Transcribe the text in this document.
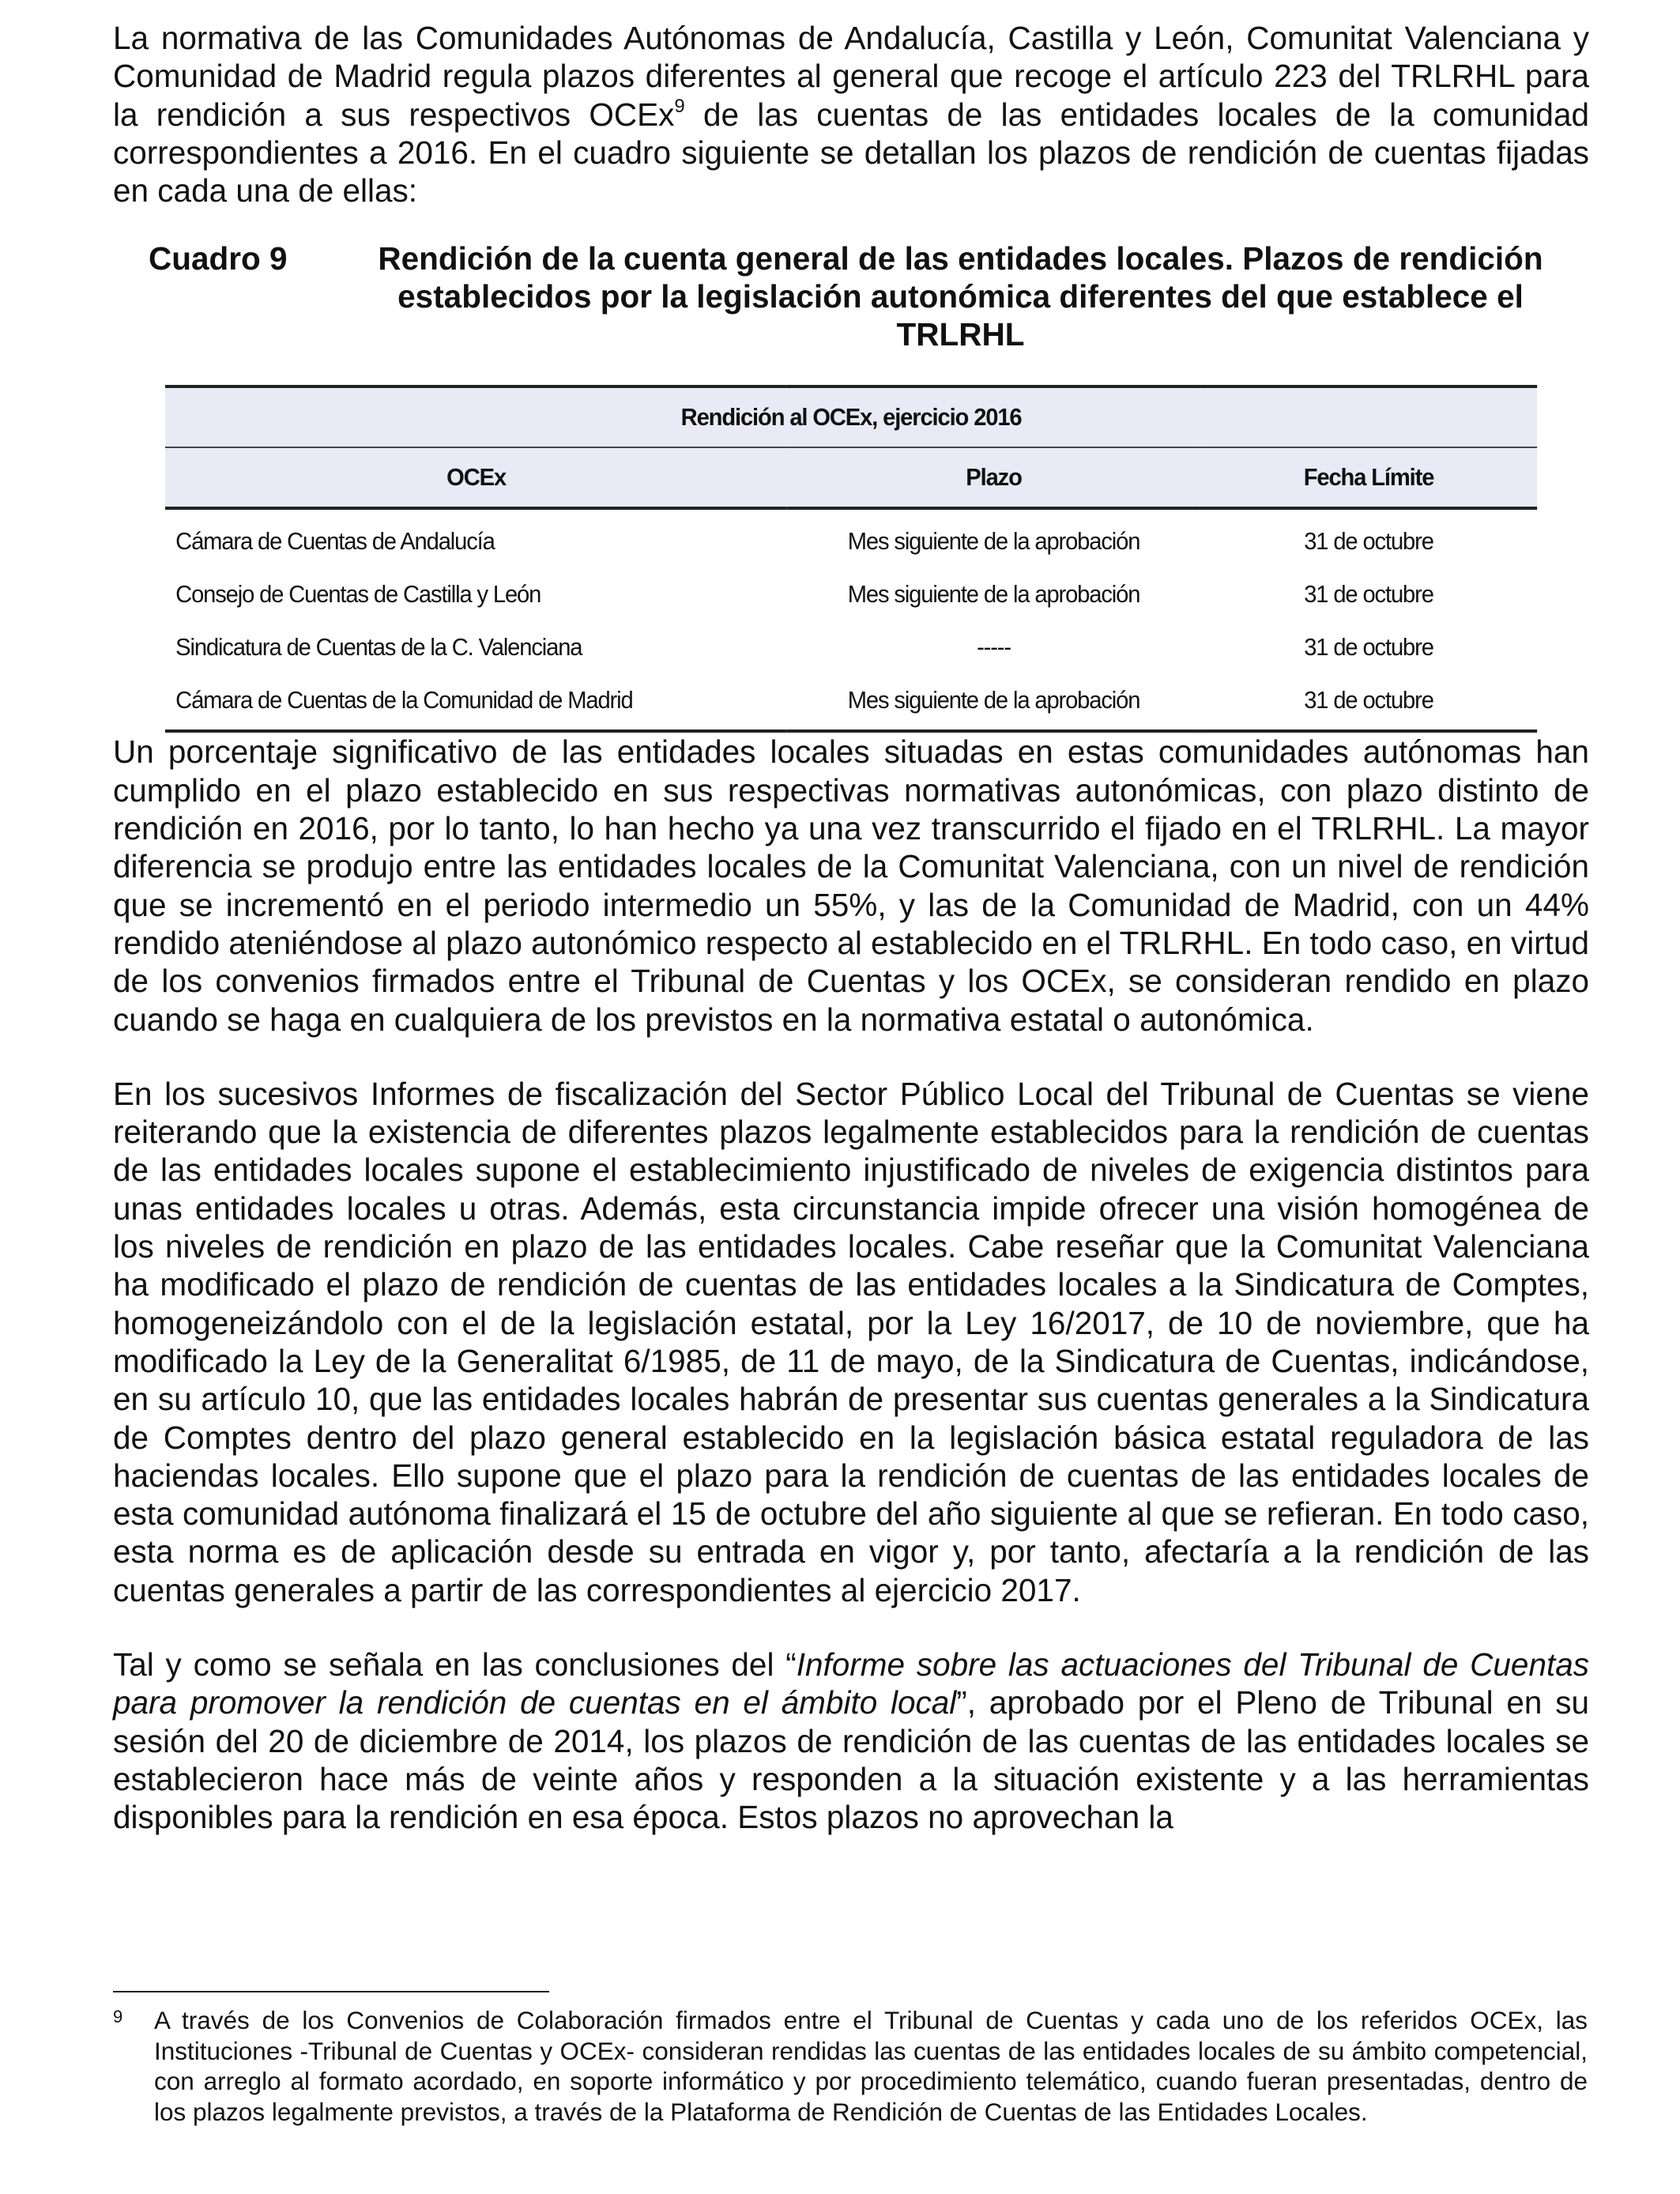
La normativa de las Comunidades Autónomas de Andalucía, Castilla y León, Comunitat Valenciana y Comunidad de Madrid regula plazos diferentes al general que recoge el artículo 223 del TRLRHL para la rendición a sus respectivos OCEx$^9$ de las cuentas de las entidades locales de la comunidad correspondientes a 2016. En el cuadro siguiente se detallan los plazos de rendición de cuentas fijadas en cada una de ellas:

Cuadro 9	Rendición de la cuenta general de las entidades locales. Plazos de rendición establecidos por la legislación autonómica diferentes del que establece el TRLRHL
Rendición al OCEx, ejercicio 2016		
OCEx	Plazo	Fecha Límite
Cámara de Cuentas de Andalucía	Mes siguiente de la aprobación	31 de octubre
Consejo de Cuentas de Castilla y León	Mes siguiente de la aprobación	31 de octubre
Sindicatura de Cuentas de la C. Valenciana	-----	31 de octubre
Cámara de Cuentas de la Comunidad de Madrid	Mes siguiente de la aprobación	31 de octubre

Un porcentaje significativo de las entidades locales situadas en estas comunidades autónomas han cumplido en el plazo establecido en sus respectivas normativas autonómicas, con plazo distinto de rendición en 2016, por lo tanto, lo han hecho ya una vez transcurrido el fijado en el TRLRHL. La mayor diferencia se produjo entre las entidades locales de la Comunitat Valenciana, con un nivel de rendición que se incrementó en el periodo intermedio un 55%, y las de la Comunidad de Madrid, con un 44% rendido ateniéndose al plazo autonómico respecto al establecido en el TRLRHL. En todo caso, en virtud de los convenios firmados entre el Tribunal de Cuentas y los OCEx, se consideran rendido en plazo cuando se haga en cualquiera de los previstos en la normativa estatal o autonómica.

En los sucesivos Informes de fiscalización del Sector Público Local del Tribunal de Cuentas se viene reiterando que la existencia de diferentes plazos legalmente establecidos para la rendición de cuentas de las entidades locales supone el establecimiento injustificado de niveles de exigencia distintos para unas entidades locales u otras. Además, esta circunstancia impide ofrecer una visión homogénea de los niveles de rendición en plazo de las entidades locales. Cabe reseñar que la Comunitat Valenciana ha modificado el plazo de rendición de cuentas de las entidades locales a la Sindicatura de Comptes, homogeneizándolo con el de la legislación estatal, por la Ley 16/2017, de 10 de noviembre, que ha modificado la Ley de la Generalitat 6/1985, de 11 de mayo, de la Sindicatura de Cuentas, indicándose, en su artículo 10, que las entidades locales habrán de presentar sus cuentas generales a la Sindicatura de Comptes dentro del plazo general establecido en la legislación básica estatal reguladora de las haciendas locales. Ello supone que el plazo para la rendición de cuentas de las entidades locales de esta comunidad autónoma finalizará el 15 de octubre del año siguiente al que se refieran. En todo caso, esta norma es de aplicación desde su entrada en vigor y, por tanto, afectaría a la rendición de las cuentas generales a partir de las correspondientes al ejercicio 2017.

Tal y como se señala en las conclusiones del “Informe sobre las actuaciones del Tribunal de Cuentas para promover la rendición de cuentas en el ámbito local”, aprobado por el Pleno de Tribunal en su sesión del 20 de diciembre de 2014, los plazos de rendición de las cuentas de las entidades locales se establecieron hace más de veinte años y responden a la situación existente y a las herramientas disponibles para la rendición en esa época. Estos plazos no aprovechan la

9	A través de los Convenios de Colaboración firmados entre el Tribunal de Cuentas y cada uno de los referidos OCEx, las Instituciones -Tribunal de Cuentas y OCEx- consideran rendidas las cuentas de las entidades locales de su ámbito competencial, con arreglo al formato acordado, en soporte informático y por procedimiento telemático, cuando fueran presentadas, dentro de los plazos legalmente previstos, a través de la Plataforma de Rendición de Cuentas de las Entidades Locales.
